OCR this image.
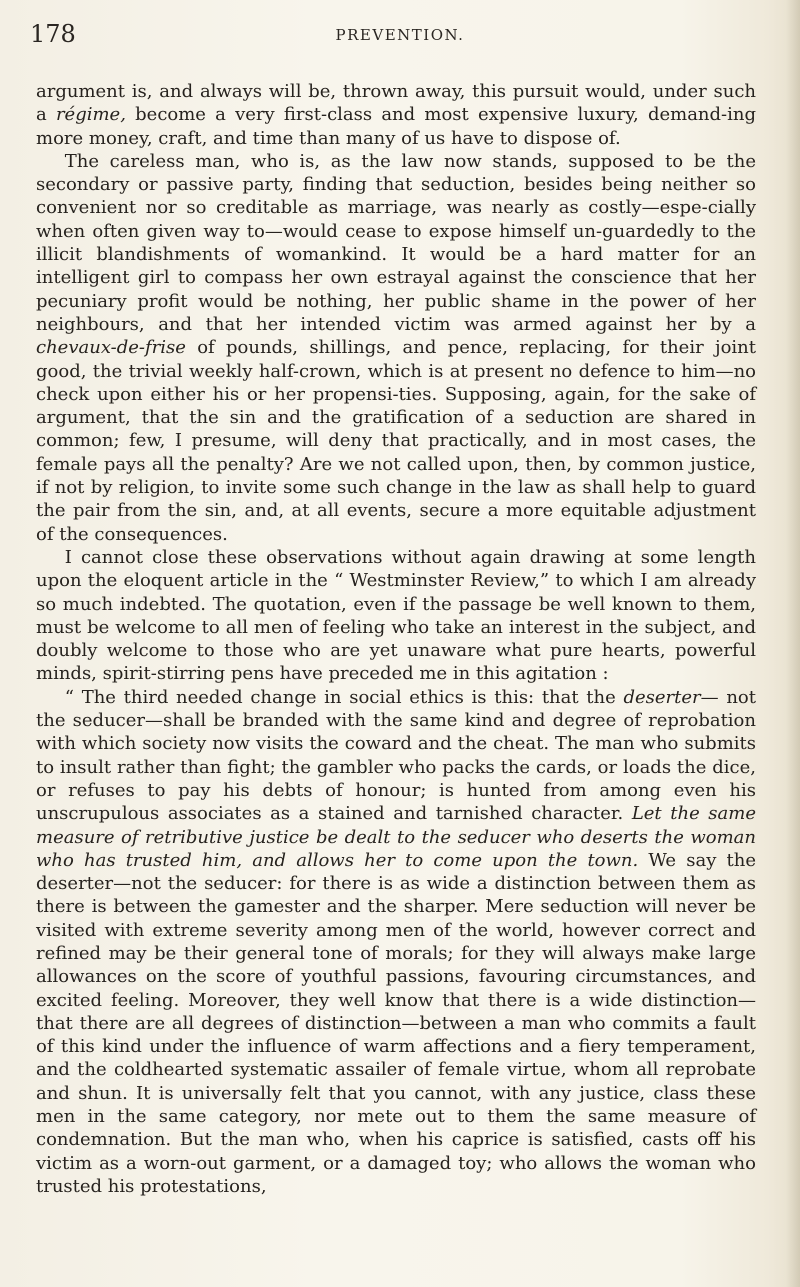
178	PREVENTION.

argument is, and always will be, thrown away, this pursuit would, under such a régime, become a very first-class and most expensive luxury, demand-ing more money, craft, and time than many of us have to dispose of.

The careless man, who is, as the law now stands, supposed to be the secondary or passive party, finding that seduction, besides being neither so convenient nor so creditable as marriage, was nearly as costly—espe-cially when often given way to—would cease to expose himself un-guardedly to the illicit blandishments of womankind. It would be a hard matter for an intelligent girl to compass her own estrayal against the conscience that her pecuniary profit would be nothing, her public shame in the power of her neighbours, and that her intended victim was armed against her by a chevaux-de-frise of pounds, shillings, and pence, replacing, for their joint good, the trivial weekly half-crown, which is at present no defence to him—no check upon either his or her propensi-ties. Supposing, again, for the sake of argument, that the sin and the gratification of a seduction are shared in common; few, I presume, will deny that practically, and in most cases, the female pays all the penalty? Are we not called upon, then, by common justice, if not by religion, to invite some such change in the law as shall help to guard the pair from the sin, and, at all events, secure a more equitable adjustment of the consequences.

I cannot close these observations without again drawing at some length upon the eloquent article in the “ Westminster Review,” to which I am already so much indebted. The quotation, even if the passage be well known to them, must be welcome to all men of feeling who take an interest in the subject, and doubly welcome to those who are yet unaware what pure hearts, powerful minds, spirit-stirring pens have preceded me in this agitation :

“ The third needed change in social ethics is this: that the deserter— not the seducer—shall be branded with the same kind and degree of reprobation with which society now visits the coward and the cheat. The man who submits to insult rather than fight; the gambler who packs the cards, or loads the dice, or refuses to pay his debts of honour; is hunted from among even his unscrupulous associates as a stained and tarnished character. Let the same measure of retributive justice be dealt to the seducer who deserts the woman who has trusted him, and allows her to come upon the town. We say the deserter—not the seducer: for there is as wide a distinction between them as there is between the gamester and the sharper. Mere seduction will never be visited with extreme severity among men of the world, however correct and refined may be their general tone of morals; for they will always make large allowances on the score of youthful passions, favouring circumstances, and excited feeling. Moreover, they well know that there is a wide distinction— that there are all degrees of distinction—between a man who commits a fault of this kind under the influence of warm affections and a fiery temperament, and the coldhearted systematic assailer of female virtue, whom all reprobate and shun. It is universally felt that you cannot, with any justice, class these men in the same category, nor mete out to them the same measure of condemnation. But the man who, when his caprice is satisfied, casts off his victim as a worn-out garment, or a damaged toy; who allows the woman who trusted his protestations,
